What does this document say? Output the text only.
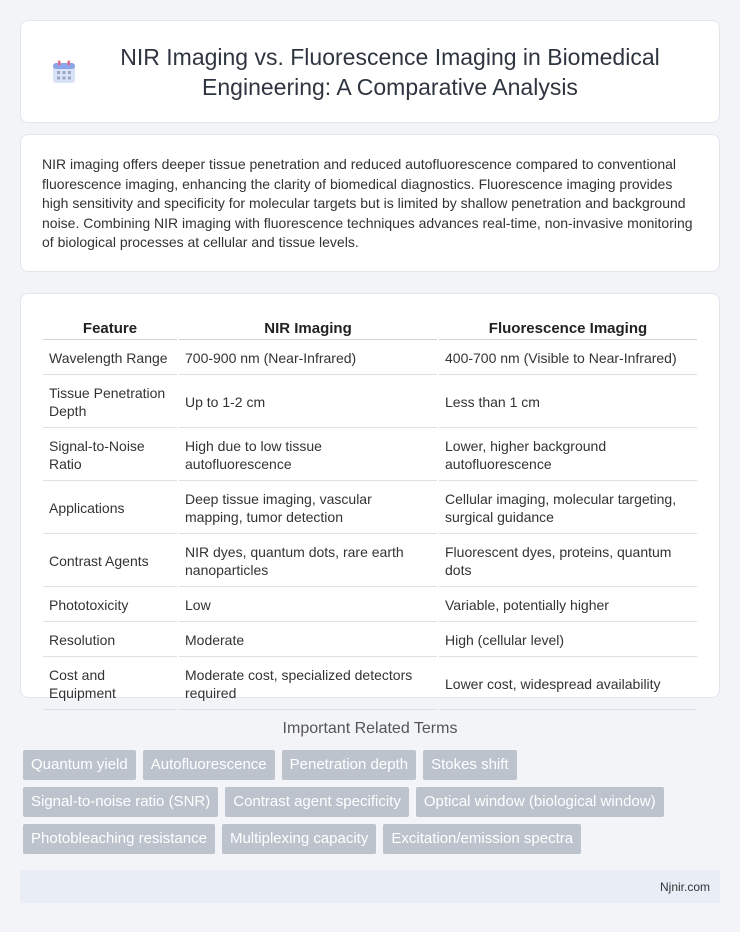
NIR Imaging vs. Fluorescence Imaging in Biomedical Engineering: A Comparative Analysis

NIR imaging offers deeper tissue penetration and reduced autofluorescence compared to conventional fluorescence imaging, enhancing the clarity of biomedical diagnostics. Fluorescence imaging provides high sensitivity and specificity for molecular targets but is limited by shallow penetration and background noise. Combining NIR imaging with fluorescence techniques advances real-time, non-invasive monitoring of biological processes at cellular and tissue levels.

Feature	NIR Imaging	Fluorescence Imaging
Wavelength Range	700-900 nm (Near-Infrared)	400-700 nm (Visible to Near-Infrared)
Tissue Penetration Depth	Up to 1-2 cm	Less than 1 cm
Signal-to-Noise Ratio	High due to low tissue autofluorescence	Lower, higher background autofluorescence
Applications	Deep tissue imaging, vascular mapping, tumor detection	Cellular imaging, molecular targeting, surgical guidance
Contrast Agents	NIR dyes, quantum dots, rare earth nanoparticles	Fluorescent dyes, proteins, quantum dots
Phototoxicity	Low	Variable, potentially higher
Resolution	Moderate	High (cellular level)
Cost and Equipment	Moderate cost, specialized detectors required	Lower cost, widespread availability
Important Related Terms
Quantum yield	Autofluorescence	Penetration depth	Stokes shift
Signal-to-noise ratio (SNR)	Contrast agent specificity	Optical window (biological window)
Photobleaching resistance	Multiplexing capacity	Excitation/emission spectra
Njnir.com
